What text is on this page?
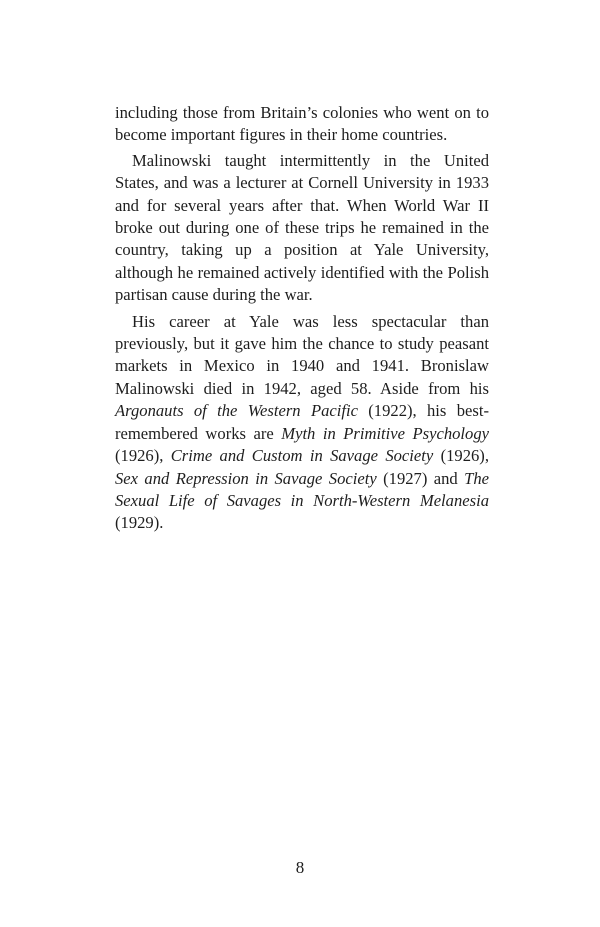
including those from Britain’s colonies who went on to become important figures in their home countries.

Malinowski taught intermittently in the United States, and was a lecturer at Cornell University in 1933 and for several years after that. When World War II broke out during one of these trips he remained in the country, taking up a position at Yale University, although he remained actively identified with the Polish partisan cause during the war.

His career at Yale was less spectacular than previously, but it gave him the chance to study peasant markets in Mexico in 1940 and 1941. Bronislaw Malinowski died in 1942, aged 58. Aside from his Argonauts of the Western Pacific (1922), his best-remembered works are Myth in Primitive Psychology (1926), Crime and Custom in Savage Society (1926), Sex and Repression in Savage Society (1927) and The Sexual Life of Savages in North-Western Melanesia (1929).

8
